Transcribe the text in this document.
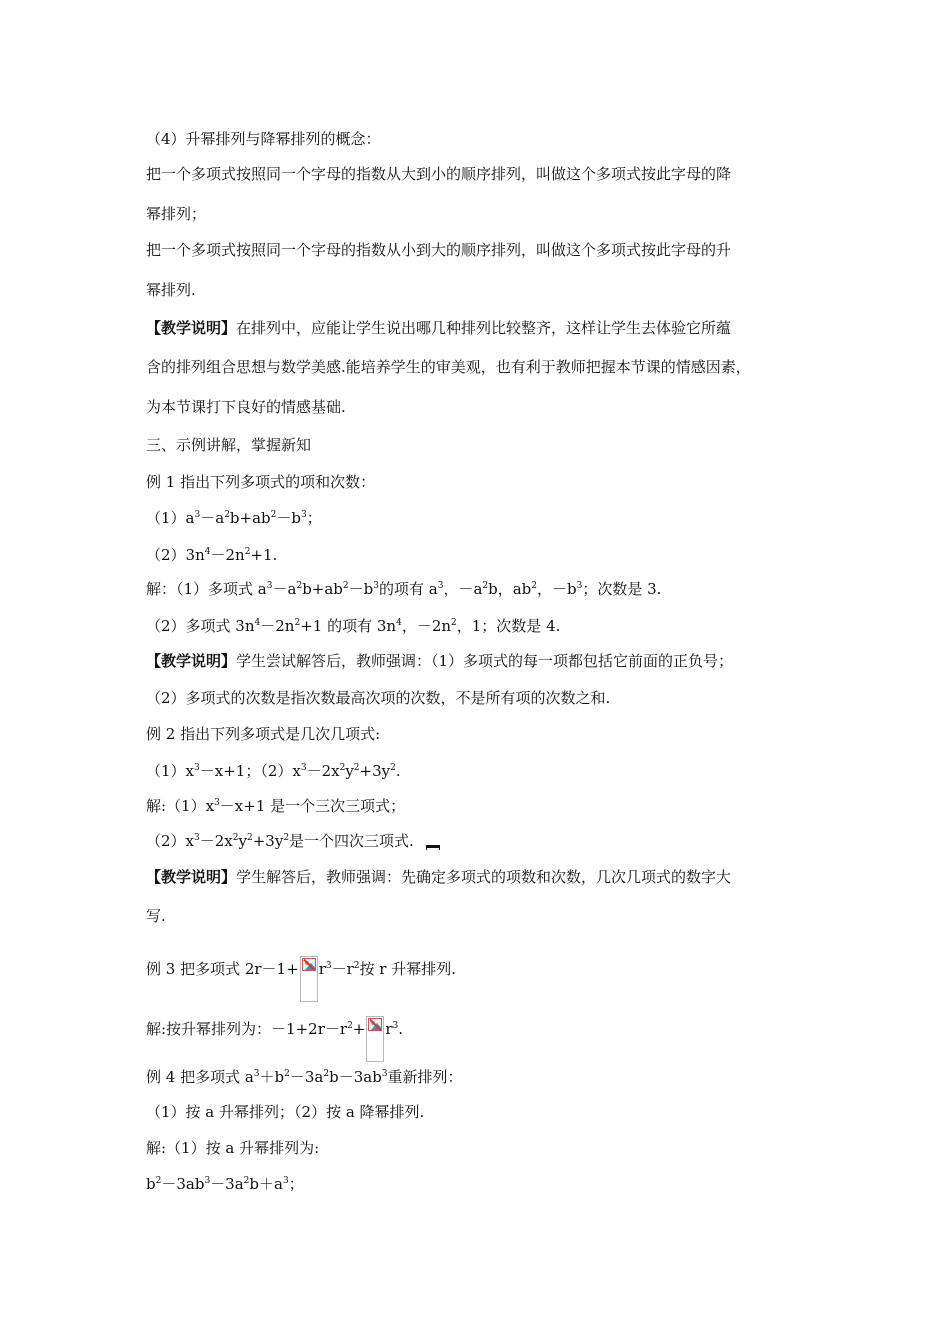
（4）升幂排列与降幂排列的概念：
把一个多项式按照同一个字母的指数从大到小的顺序排列，叫做这个多项式按此字母的降
幂排列；
把一个多项式按照同一个字母的指数从小到大的顺序排列，叫做这个多项式按此字母的升
幂排列.
【教学说明】在排列中，应能让学生说出哪几种排列比较整齐，这样让学生去体验它所蕴
含的排列组合思想与数学美感.能培养学生的审美观，也有利于教师把握本节课的情感因素，
为本节课打下良好的情感基础.
三、示例讲解，掌握新知
例 1 指出下列多项式的项和次数：
$(1)a^3-a^2b+ab^2-b^3$；
$(2)3n^4-2n^2+1$.
解：（1）多项式 $a^3-a^2b+ab^2-b^3$的项有 $a^3$，$-a^2b$，$ab^2$，$-b^3$；次数是 3.
（2）多项式 $3n^4-2n^2+1$ 的项有 $3n^4$，$-2n^2$，1；次数是 4.
【教学说明】学生尝试解答后，教师强调：（1）多项式的每一项都包括它前面的正负号；
（2）多项式的次数是指次数最高次项的次数，不是所有项的次数之和.
例 2 指出下列多项式是几次几项式:
$(1)x^3-x+1$；$(2)x^3-2x^2y^2+3y^2$.
解$:(1)x^3-x+1$ 是一个三次三项式；
$(2)x^3-2x^2y^2+3y^2$是一个四次三项式.
【教学说明】学生解答后，教师强调：先确定多项式的项数和次数，几次几项式的数字大
写.
例 3 把多项式 $2r-1+ r^3-r^2$按 r 升幂排列.
解:按升幂排列为：$-1+2r-r^2+ r^3$.
例 4 把多项式 $a^3+b^2-3a^2b-3ab^3$重新排列：
（1）按 a 升幂排列；（2）按 a 降幂排列.
解:（1）按 a 升幂排列为:
$b^2-3ab^3-3a^2b+a^3$；
